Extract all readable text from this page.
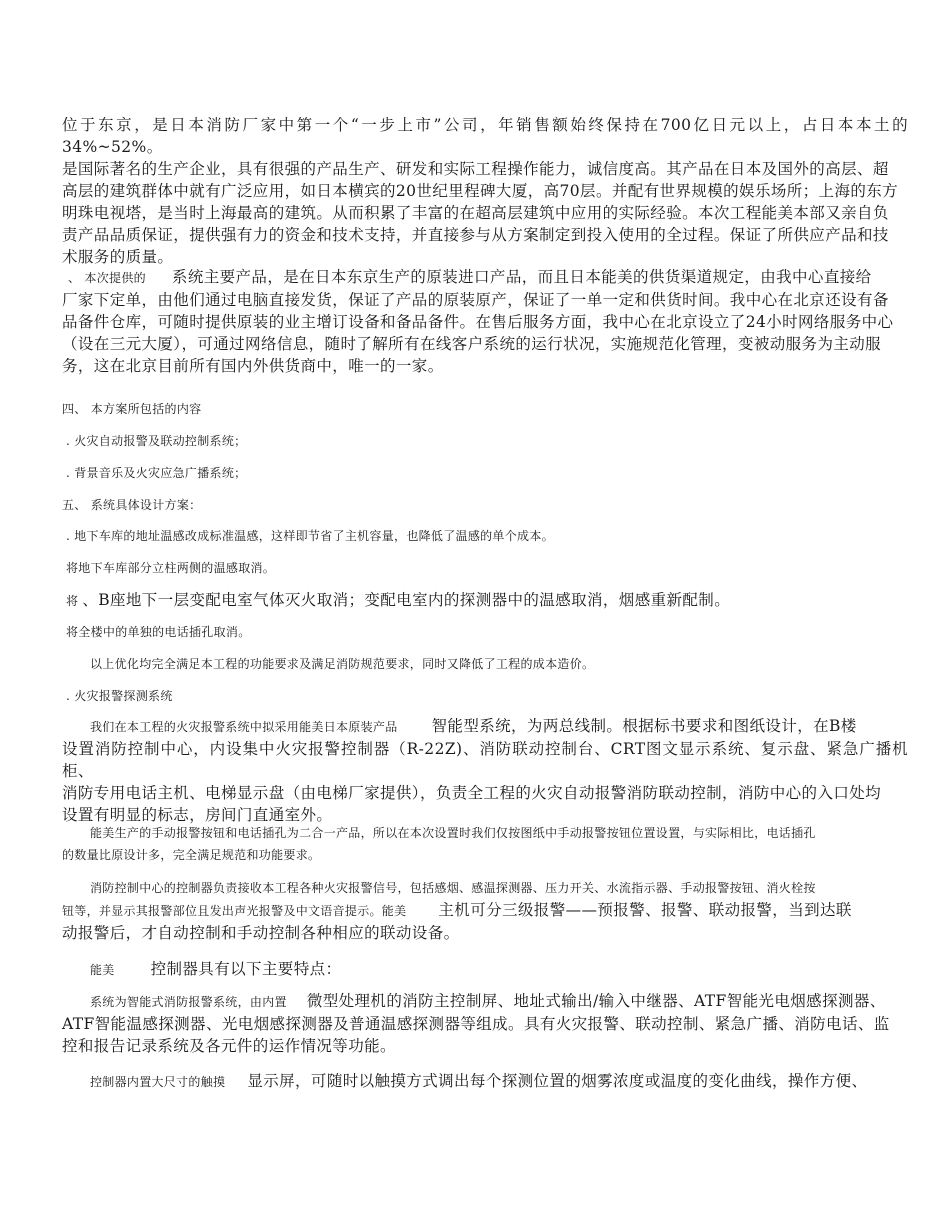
位于东京，是日本消防厂家中第一个“一步上市”公司，年销售额始终保持在700亿日元以上，占日本本土的34%~52%。
是国际著名的生产企业，具有很强的产品生产、研发和实际工程操作能力，诚信度高。其产品在日本及国外的高层、超
高层的建筑群体中就有广泛应用，如日本横宾的20世纪里程碑大厦，高70层。并配有世界规模的娱乐场所；上海的东方
明珠电视塔，是当时上海最高的建筑。从而积累了丰富的在超高层建筑中应用的实际经验。本次工程能美本部又亲自负
责产品品质保证，提供强有力的资金和技术支持，并直接参与从方案制定到投入使用的全过程。保证了所供应产品和技
术服务的质量。
、 本次提供的 系统主要产品，是在日本东京生产的原装进口产品，而且日本能美的供货渠道规定，由我中心直接给
厂家下定单，由他们通过电脑直接发货，保证了产品的原装原产，保证了一单一定和供货时间。我中心在北京还设有备
品备件仓库，可随时提供原装的业主增订设备和备品备件。在售后服务方面，我中心在北京设立了24小时网络服务中心
（设在三元大厦），可通过网络信息，随时了解所有在线客户系统的运行状况，实施规范化管理，变被动服务为主动服
务，这在北京目前所有国内外供货商中，唯一的一家。
四、 本方案所包括的内容
. 火灾自动报警及联动控制系统；
. 背景音乐及火灾应急广播系统；
五、 系统具体设计方案：
. 地下车库的地址温感改成标准温感，这样即节省了主机容量，也降低了温感的单个成本。
将地下车库部分立柱两侧的温感取消。
将 、B座地下一层变配电室气体灭火取消；变配电室内的探测器中的温感取消，烟感重新配制。
将全楼中的单独的电话插孔取消。
以上优化均完全满足本工程的功能要求及满足消防规范要求，同时又降低了工程的成本造价。
. 火灾报警探测系统
我们在本工程的火灾报警系统中拟采用能美日本原装产品 智能型系统，为两总线制。根据标书要求和图纸设计，在B楼
设置消防控制中心，内设集中火灾报警控制器（R-22Z)、消防联动控制台、CRT图文显示系统、复示盘、紧急广播机柜、
消防专用电话主机、电梯显示盘（由电梯厂家提供），负责全工程的火灾自动报警消防联动控制，消防中心的入口处均
设置有明显的标志，房间门直通室外。
能美生产的手动报警按钮和电话插孔为二合一产品，所以在本次设置时我们仅按图纸中手动报警按钮位置设置，与实际相比，电话插孔
的数量比原设计多，完全满足规范和功能要求。
消防控制中心的控制器负责接收本工程各种火灾报警信号，包括感烟、感温探测器、压力开关、水流指示器、手动报警按钮、消火栓按
钮等，并显示其报警部位且发出声光报警及中文语音提示。能美 主机可分三级报警——预报警、报警、联动报警，当到达联
动报警后，才自动控制和手动控制各种相应的联动设备。
能美 控制器具有以下主要特点：
系统为智能式消防报警系统，由内置 微型处理机的消防主控制屏、地址式输出/输入中继器、ATF智能光电烟感探测器、
ATF智能温感探测器、光电烟感探测器及普通温感探测器等组成。具有火灾报警、联动控制、紧急广播、消防电话、监
控和报告记录系统及各元件的运作情况等功能。
控制器内置大尺寸的触摸 显示屏，可随时以触摸方式调出每个探测位置的烟雾浓度或温度的变化曲线，操作方便、
